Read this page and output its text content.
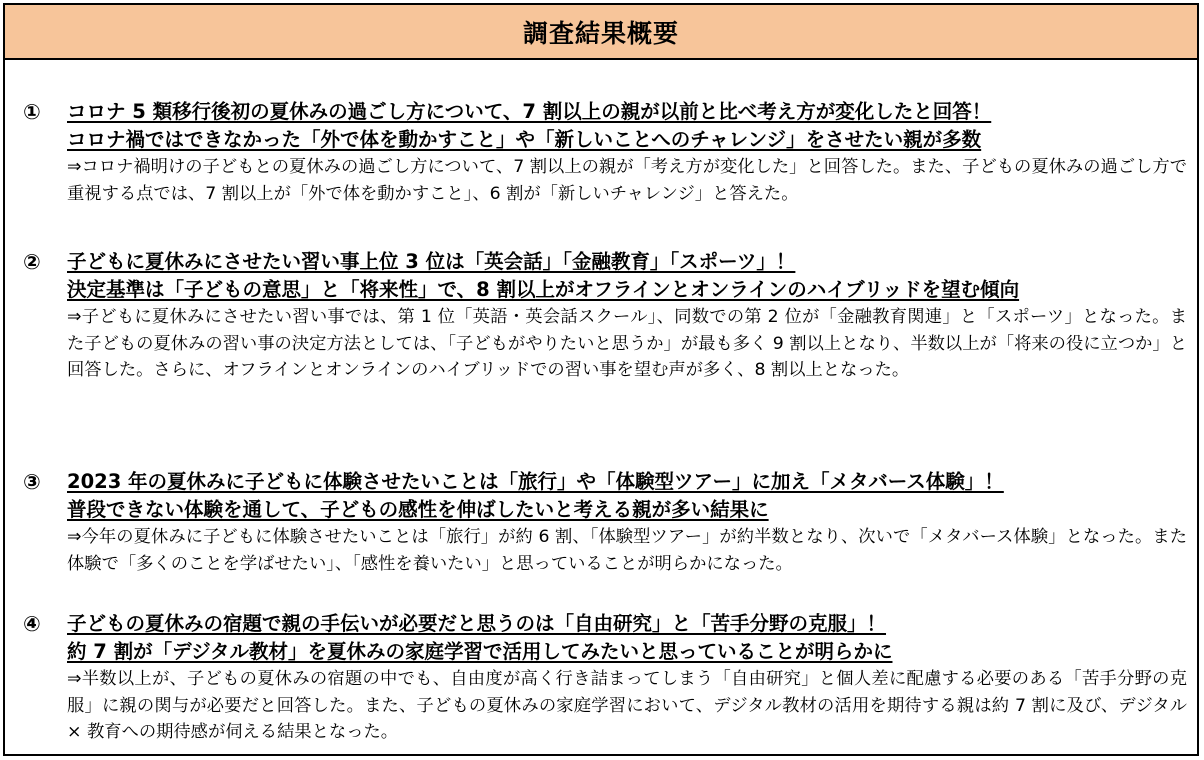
調査結果概要
① コロナ 5 類移行後初の夏休みの過ごし方について、7 割以上の親が以前と比べ考え方が変化したと回答！
コロナ禍ではできなかった「外で体を動かすこと」や「新しいことへのチャレンジ」をさせたい親が多数
⇒コロナ禍明けの子どもとの夏休みの過ごし方について、7 割以上の親が「考え方が変化した」と回答した。また、子どもの夏休みの過ごし方で重視する点では、7 割以上が「外で体を動かすこと」、6 割が「新しいチャレンジ」と答えた。
② 子どもに夏休みにさせたい習い事上位 3 位は「英会話」「金融教育」「スポーツ」！
決定基準は「子どもの意思」と「将来性」で、8 割以上がオフラインとオンラインのハイブリッドを望む傾向
⇒子どもに夏休みにさせたい習い事では、第 1 位「英語・英会話スクール」、同数での第 2 位が「金融教育関連」と「スポーツ」となった。また子どもの夏休みの習い事の決定方法としては、「子どもがやりたいと思うか」が最も多く 9 割以上となり、半数以上が「将来の役に立つか」と回答した。さらに、オフラインとオンラインのハイブリッドでの習い事を望む声が多く、8 割以上となった。
③ 2023 年の夏休みに子どもに体験させたいことは「旅行」や「体験型ツアー」に加え「メタバース体験」！
普段できない体験を通して、子どもの感性を伸ばしたいと考える親が多い結果に
⇒今年の夏休みに子どもに体験させたいことは「旅行」が約 6 割、「体験型ツアー」が約半数となり、次いで「メタバース体験」となった。また体験で「多くのことを学ばせたい」、「感性を養いたい」と思っていることが明らかになった。
④ 子どもの夏休みの宿題で親の手伝いが必要だと思うのは「自由研究」と「苦手分野の克服」！
約 7 割が「デジタル教材」を夏休みの家庭学習で活用してみたいと思っていることが明らかに
⇒半数以上が、子どもの夏休みの宿題の中でも、自由度が高く行き詰まってしまう「自由研究」と個人差に配慮する必要のある「苦手分野の克服」に親の関与が必要だと回答した。また、子どもの夏休みの家庭学習において、デジタル教材の活用を期待する親は約 7 割に及び、デジタル × 教育への期待感が伺える結果となった。
